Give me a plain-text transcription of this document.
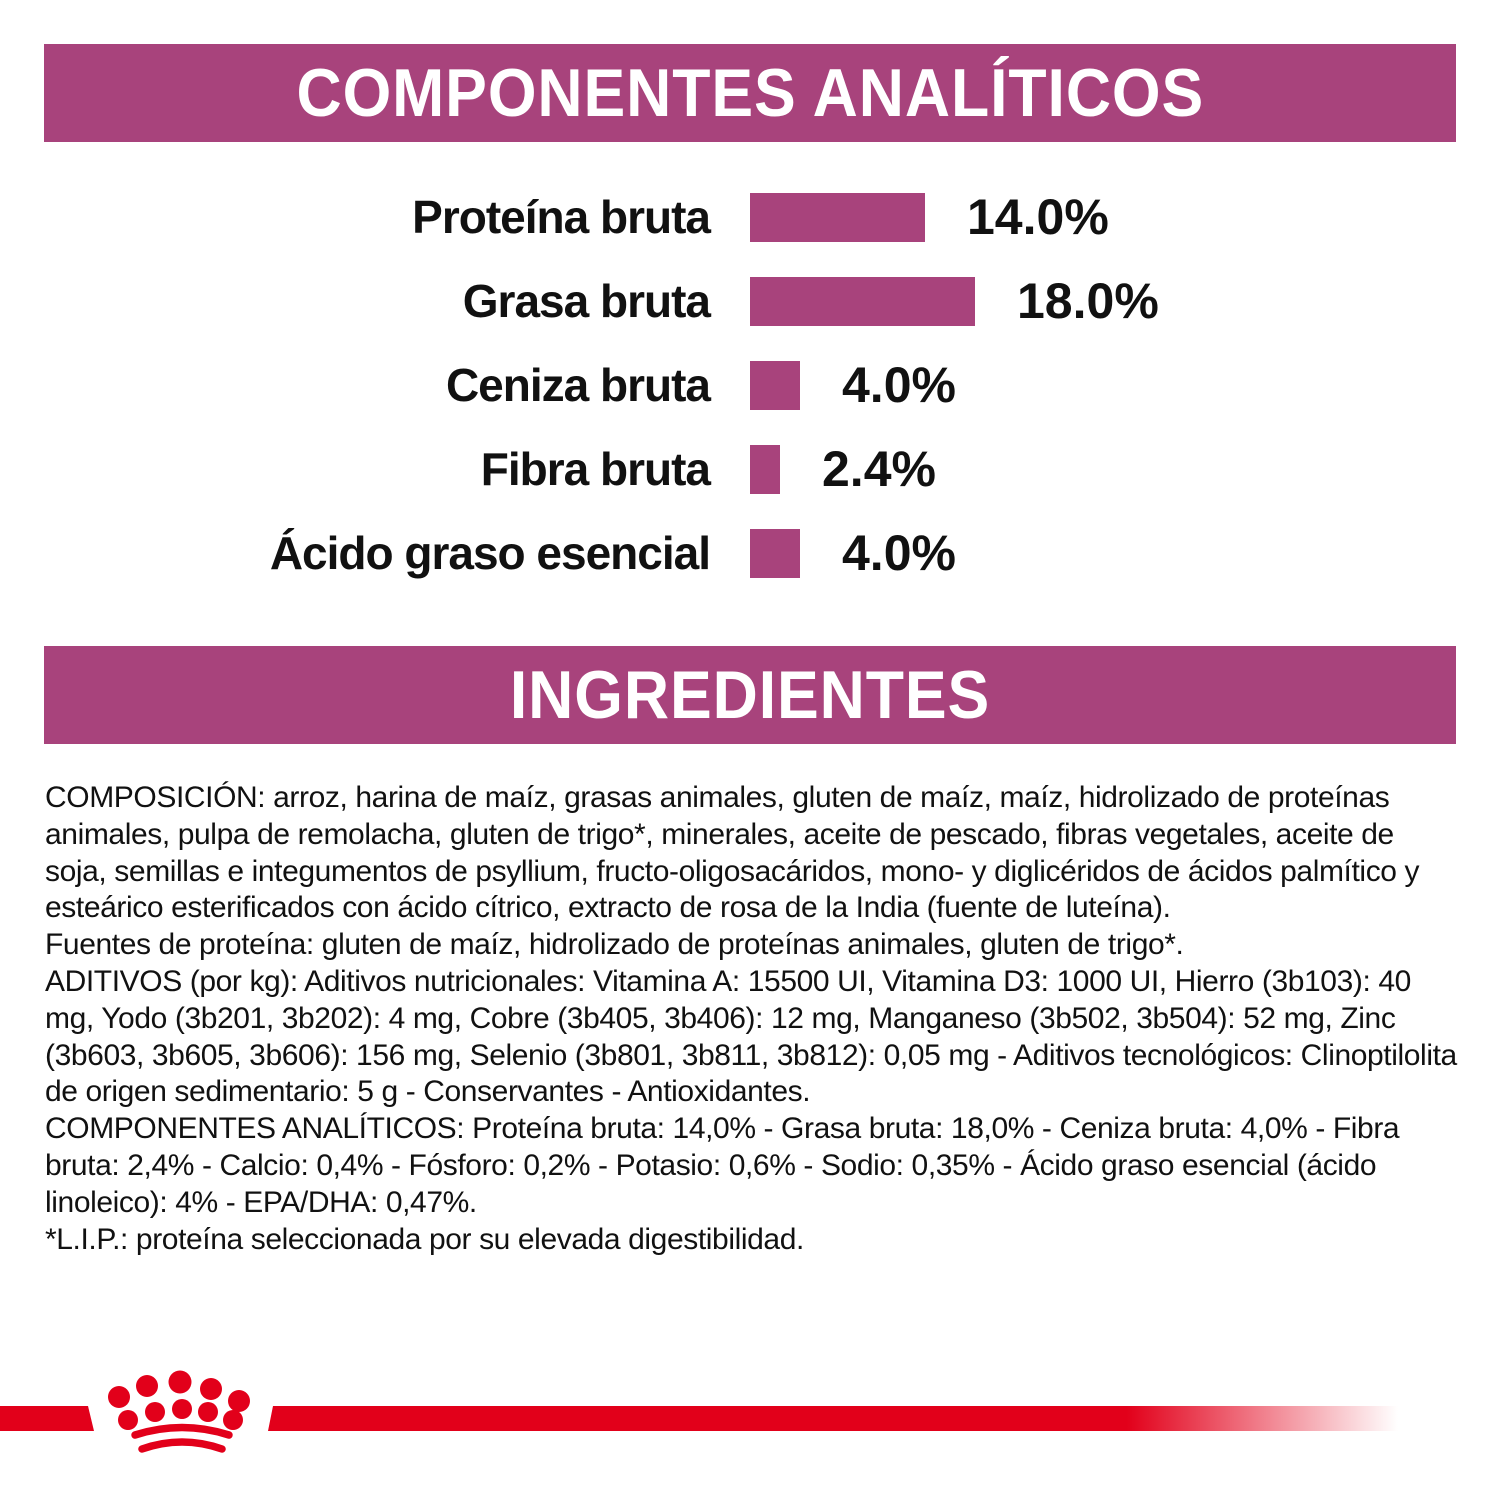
COMPONENTES ANALÍTICOS
Proteína bruta	14.0%
Grasa bruta	18.0%
Ceniza bruta	4.0%
Fibra bruta 2.4%
Ácido graso esencial	4.0%
INGREDIENTES

COMPOSICIÓN: arroz, harina de maíz, grasas animales, gluten de maíz, maíz, hidrolizado de proteínas animales, pulpa de remolacha, gluten de trigo*, minerales, aceite de pescado, fibras vegetales, aceite de soja, semillas e integumentos de psyllium, fructo-oligosacáridos, mono- y diglicéridos de ácidos palmítico y esteárico esterificados con ácido cítrico, extracto de rosa de la India (fuente de luteína).

Fuentes de proteína: gluten de maíz, hidrolizado de proteínas animales, gluten de trigo*.

ADITIVOS (por kg): Aditivos nutricionales: Vitamina A: 15500 UI, Vitamina D3: 1000 UI, Hierro (3b103): 40 mg, Yodo (3b201, 3b202): 4 mg, Cobre (3b405, 3b406): 12 mg, Manganeso (3b502, 3b504): 52 mg, Zinc (3b603, 3b605, 3b606): 156 mg, Selenio (3b801, 3b811, 3b812): 0,05 mg - Aditivos tecnológicos: Clinoptilolita de origen sedimentario: 5 g - Conservantes - Antioxidantes.

COMPONENTES ANALÍTICOS: Proteína bruta: 14,0% - Grasa bruta: 18,0% - Ceniza bruta: 4,0% - Fibra bruta: 2,4% - Calcio: 0,4% - Fósforo: 0,2% - Potasio: 0,6% - Sodio: 0,35% - Ácido graso esencial (ácido linoleico): 4% - EPA/DHA: 0,47%.

*L.I.P.: proteína seleccionada por su elevada digestibilidad.
